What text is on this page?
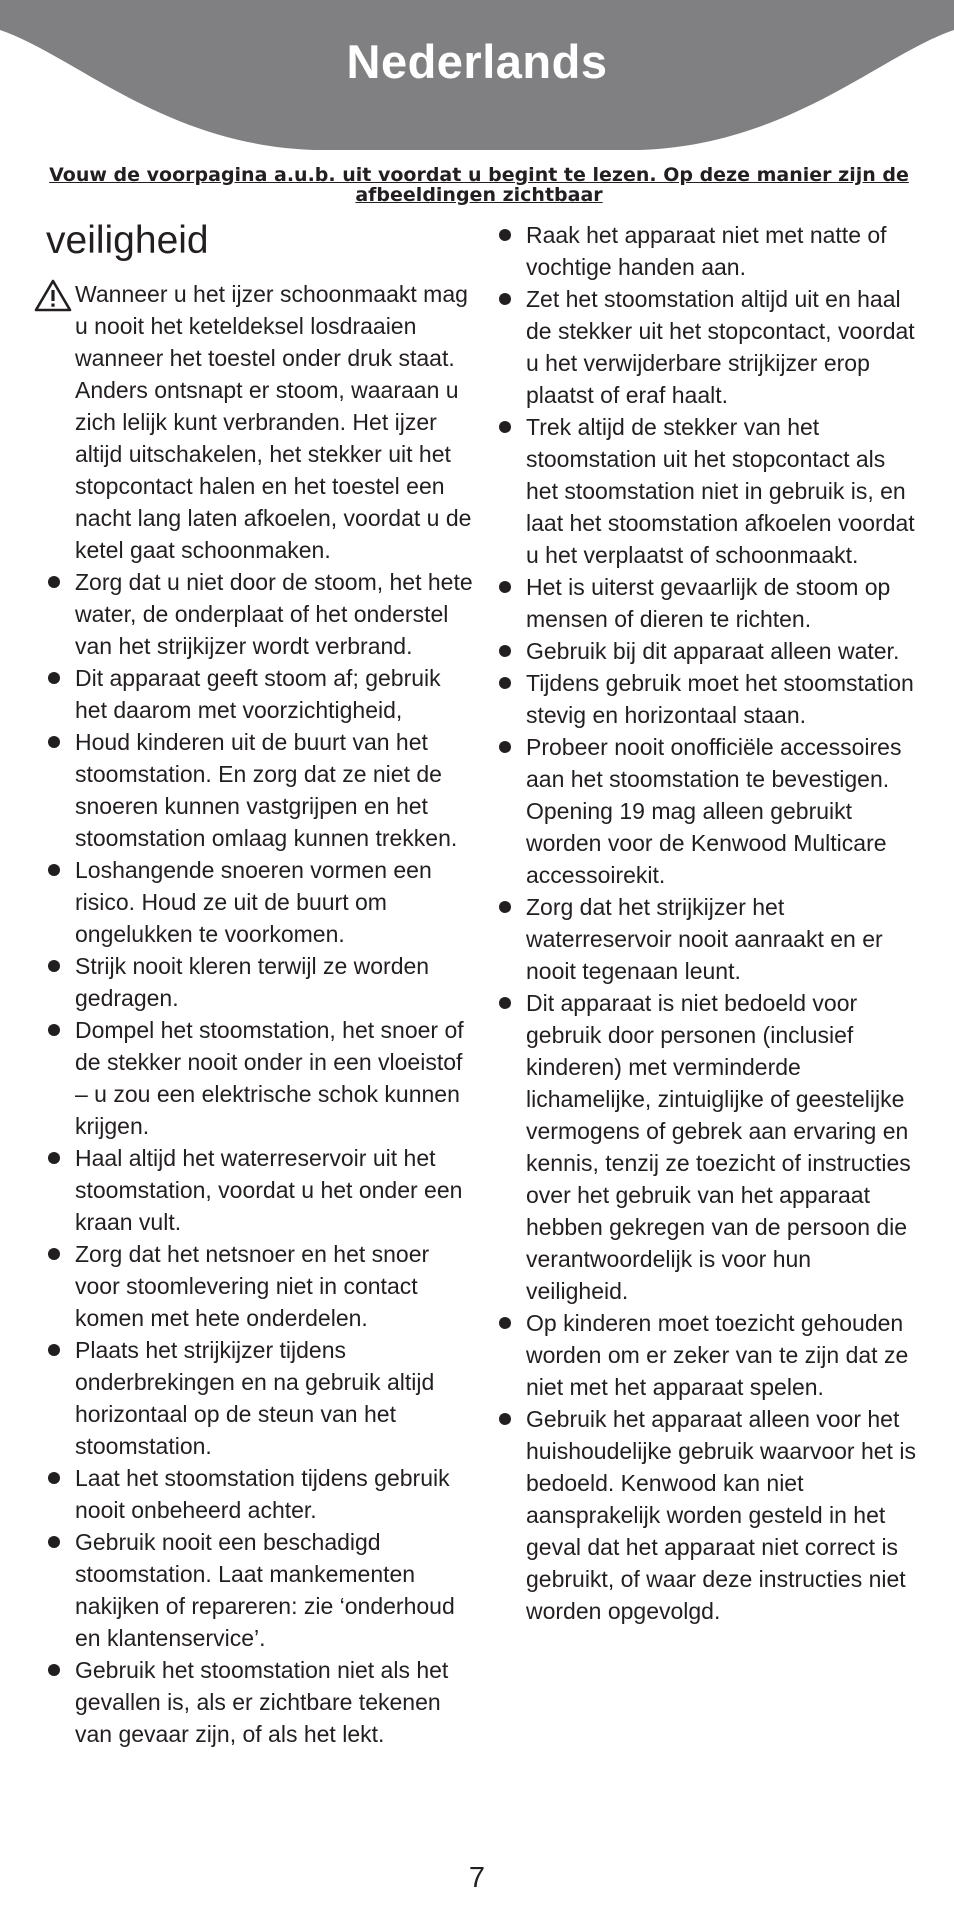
Nederlands
Vouw de voorpagina a.u.b. uit voordat u begint te lezen. Op deze manier zijn de afbeeldingen zichtbaar
veiligheid
Wanneer u het ijzer schoonmaakt mag u nooit het keteldeksel losdraaien wanneer het toestel onder druk staat. Anders ontsnapt er stoom, waaraan u zich lelijk kunt verbranden. Het ijzer altijd uitschakelen, het stekker uit het stopcontact halen en het toestel een nacht lang laten afkoelen, voordat u de ketel gaat schoonmaken.
Zorg dat u niet door de stoom, het hete water, de onderplaat of het onderstel van het strijkijzer wordt verbrand.
Dit apparaat geeft stoom af; gebruik het daarom met voorzichtigheid,
Houd kinderen uit de buurt van het stoomstation. En zorg dat ze niet de snoeren kunnen vastgrijpen en het stoomstation omlaag kunnen trekken.
Loshangende snoeren vormen een risico. Houd ze uit de buurt om ongelukken te voorkomen.
Strijk nooit kleren terwijl ze worden gedragen.
Dompel het stoomstation, het snoer of de stekker nooit onder in een vloeistof – u zou een elektrische schok kunnen krijgen.
Haal altijd het waterreservoir uit het stoomstation, voordat u het onder een kraan vult.
Zorg dat het netsnoer en het snoer voor stoomlevering niet in contact komen met hete onderdelen.
Plaats het strijkijzer tijdens onderbrekingen en na gebruik altijd horizontaal op de steun van het stoomstation.
Laat het stoomstation tijdens gebruik nooit onbeheerd achter.
Gebruik nooit een beschadigd stoomstation. Laat mankementen nakijken of repareren: zie ‘onderhoud en klantenservice’.
Gebruik het stoomstation niet als het gevallen is, als er zichtbare tekenen van gevaar zijn, of als het lekt.
Raak het apparaat niet met natte of vochtige handen aan.
Zet het stoomstation altijd uit en haal de stekker uit het stopcontact, voordat u het verwijderbare strijkijzer erop plaatst of eraf haalt.
Trek altijd de stekker van het stoomstation uit het stopcontact als het stoomstation niet in gebruik is, en laat het stoomstation afkoelen voordat u het verplaatst of schoonmaakt.
Het is uiterst gevaarlijk de stoom op mensen of dieren te richten.
Gebruik bij dit apparaat alleen water.
Tijdens gebruik moet het stoomstation stevig en horizontaal staan.
Probeer nooit onofficiële accessoires aan het stoomstation te bevestigen. Opening 19 mag alleen gebruikt worden voor de Kenwood Multicare accessoirekit.
Zorg dat het strijkijzer het waterreservoir nooit aanraakt en er nooit tegenaan leunt.
Dit apparaat is niet bedoeld voor gebruik door personen (inclusief kinderen) met verminderde lichamelijke, zintuiglijke of geestelijke vermogens of gebrek aan ervaring en kennis, tenzij ze toezicht of instructies over het gebruik van het apparaat hebben gekregen van de persoon die verantwoordelijk is voor hun veiligheid.
Op kinderen moet toezicht gehouden worden om er zeker van te zijn dat ze niet met het apparaat spelen.
Gebruik het apparaat alleen voor het huishoudelijke gebruik waarvoor het is bedoeld. Kenwood kan niet aansprakelijk worden gesteld in het geval dat het apparaat niet correct is gebruikt, of waar deze instructies niet worden opgevolgd.
7
